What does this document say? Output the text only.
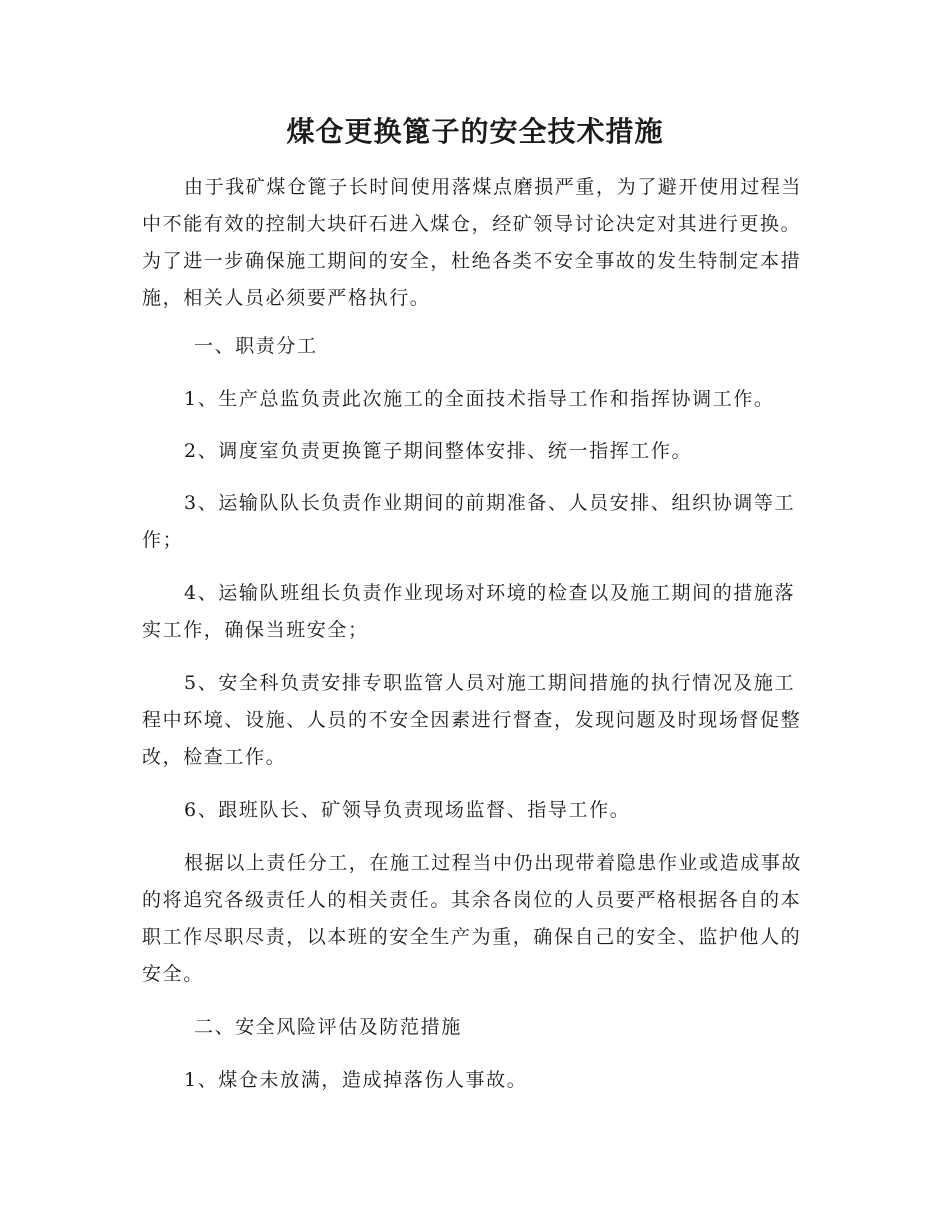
煤仓更换篦子的安全技术措施

由于我矿煤仓篦子长时间使用落煤点磨损严重，为了避开使用过程当中不能有效的控制大块矸石进入煤仓，经矿领导讨论决定对其进行更换。为了进一步确保施工期间的安全，杜绝各类不安全事故的发生特制定本措施，相关人员必须要严格执行。

一、职责分工

1、生产总监负责此次施工的全面技术指导工作和指挥协调工作。

2、调度室负责更换篦子期间整体安排、统一指挥工作。

3、运输队队长负责作业期间的前期准备、人员安排、组织协调等工作；

4、运输队班组长负责作业现场对环境的检查以及施工期间的措施落实工作，确保当班安全；

5、安全科负责安排专职监管人员对施工期间措施的执行情况及施工程中环境、设施、人员的不安全因素进行督查，发现问题及时现场督促整改，检查工作。

6、跟班队长、矿领导负责现场监督、指导工作。

根据以上责任分工，在施工过程当中仍出现带着隐患作业或造成事故的将追究各级责任人的相关责任。其余各岗位的人员要严格根据各自的本职工作尽职尽责，以本班的安全生产为重，确保自己的安全、监护他人的安全。

二、安全风险评估及防范措施

1、煤仓未放满，造成掉落伤人事故。
